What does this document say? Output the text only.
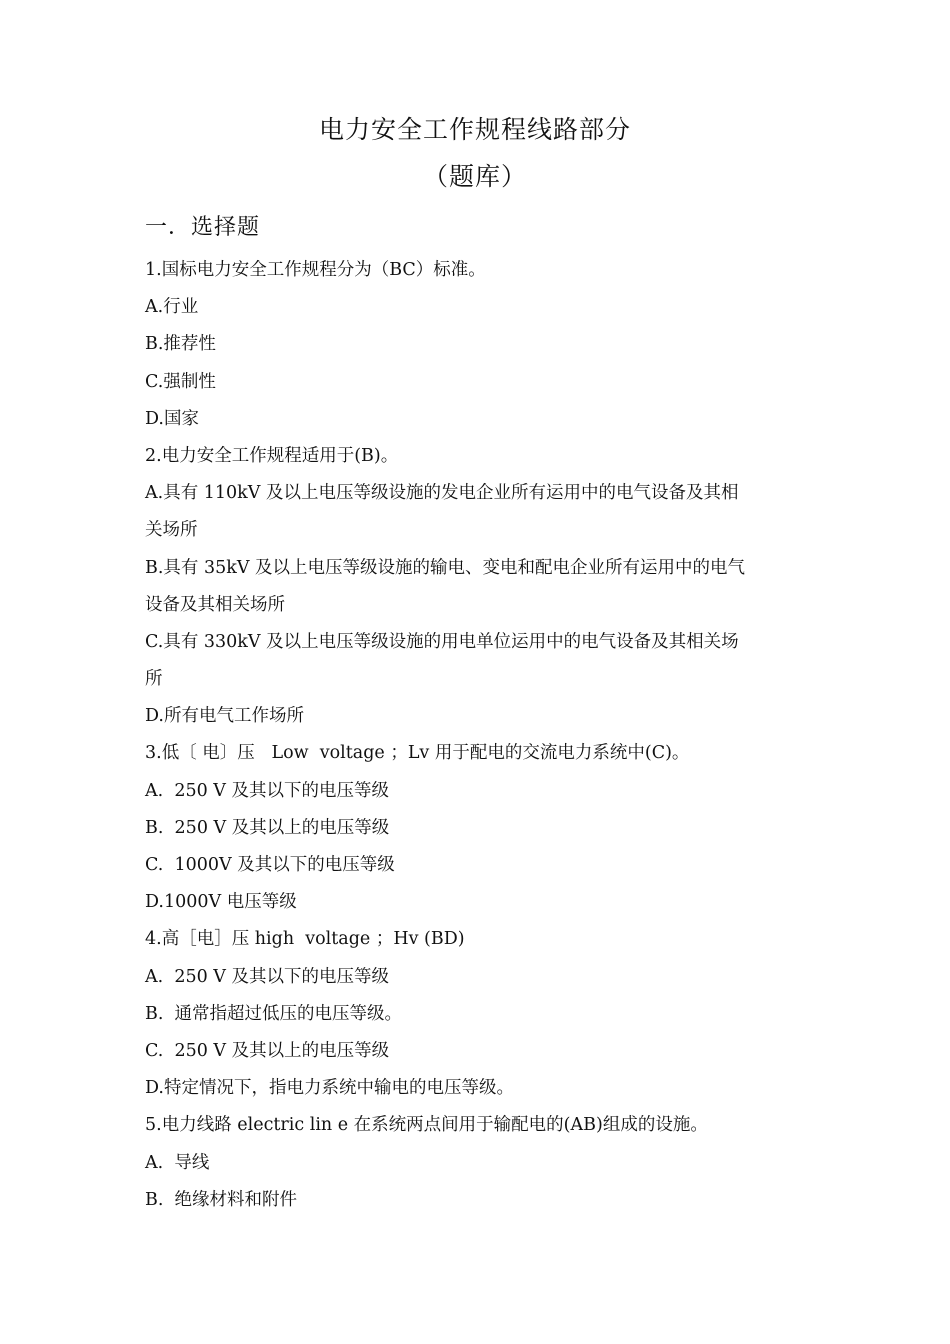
电力安全工作规程线路部分
（题库）
一．选择题
1.国标电力安全工作规程分为（BC）标准。
A.行业
B.推荐性
C.强制性
D.国家
2.电力安全工作规程适用于(B)。
A.具有 110kV 及以上电压等级设施的发电企业所有运用中的电气设备及其相
关场所
B.具有 35kV 及以上电压等级设施的输电、变电和配电企业所有运用中的电气
设备及其相关场所
C.具有 330kV 及以上电压等级设施的用电单位运用中的电气设备及其相关场
所
D.所有电气工作场所
3.低〔 电〕压   Low  voltage ；Lv 用于配电的交流电力系统中(C)。
A.  250 V 及其以下的电压等级
B.  250 V 及其以上的电压等级
C.  1000V 及其以下的电压等级
D.1000V 电压等级
4.高［电］压 high  voltage ；Hv (BD)
A.  250 V 及其以下的电压等级
B.  通常指超过低压的电压等级。
C.  250 V 及其以上的电压等级
D.特定情况下，指电力系统中输电的电压等级。
5.电力线路 electric lin e 在系统两点间用于输配电的(AB)组成的设施。
A.  导线
B.  绝缘材料和附件
